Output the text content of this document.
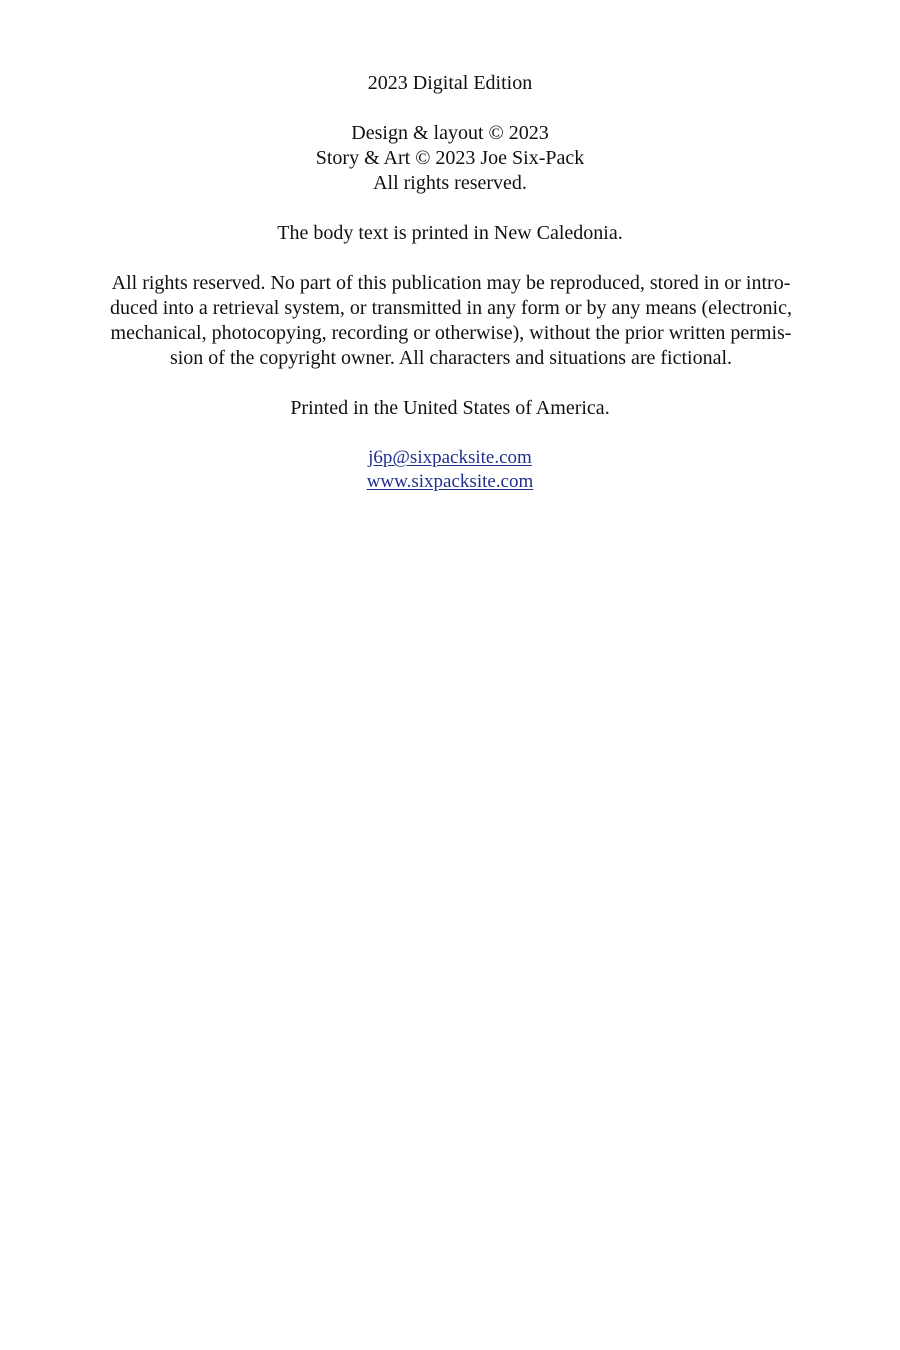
2023 Digital Edition
Design & layout © 2023
Story & Art © 2023 Joe Six-Pack
All rights reserved.
The body text is printed in New Caledonia.
All rights reserved. No part of this publication may be reproduced, stored in or intro-
duced into a retrieval system, or transmitted in any form or by any means (electronic,
mechanical, photocopying, recording or otherwise), without the prior written permis-
sion of the copyright owner. All characters and situations are fictional.
Printed in the United States of America.
j6p@sixpacksite.com
www.sixpacksite.com
